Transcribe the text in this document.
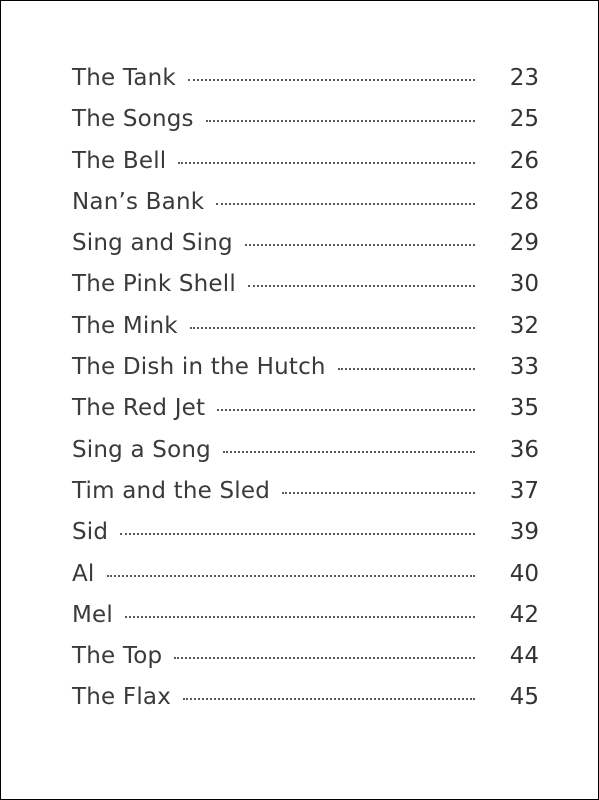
The Tank	23
The Songs	25
The Bell	26
Nan’s Bank	28
Sing and Sing	29
The Pink Shell	30
The Mink	32
The Dish in the Hutch	33
The Red Jet	35
Sing a Song	36
Tim and the Sled	37
Sid	39
Al	40
Mel	42
The Top	44
The Flax	45
